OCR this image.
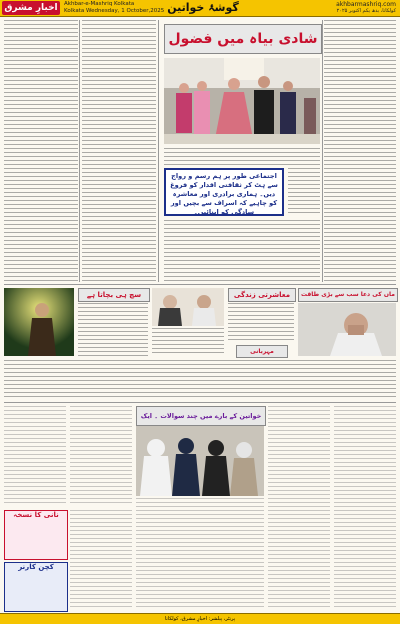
اخبارِ مشرق	Akhbar-e-Mashriq Kolkata
Kolkata Wednesday, 1 October,2025 گوشۂ خواتین	akhbarmashriq.com
کولکاتا، بدھ یکم اکتوبر ۲۰۲۵
شادی بیاہ میں فضول
اجتماعی طور پر ہم رسم و رواج سے ہٹ کر ثقافتی اقدار کو فروغ دیں۔ ہماری برادری اور معاشرہ کو چاہیے کہ اسراف سے بچیں اور سادگی کو اپنائیں۔
سچ ہی بچاتا ہے	معاشرتی زندگی
مہربانی
ماں کی دعا سب سے بڑی طاقت
خواتین کے بارے میں چند سوالات ۔ ایک
نانی کا نسخہ
کچن کارنر
پرنٹر، پبلشر: اخبارِ مشرق، کولکاتا
